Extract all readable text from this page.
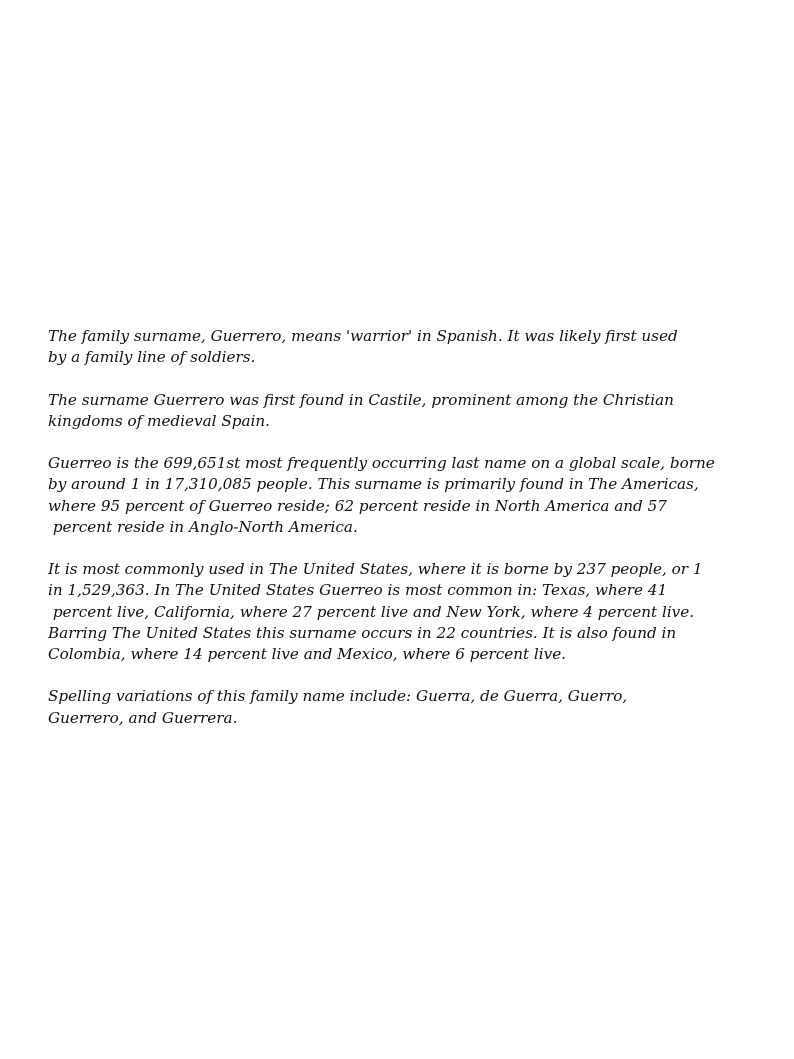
The family surname, Guerrero, means 'warrior' in Spanish. It was likely first used
by a family line of soldiers.

The surname Guerrero was first found in Castile, prominent among the Christian
kingdoms of medieval Spain.

Guerreo is the 699,651st most frequently occurring last name on a global scale, borne
by around 1 in 17,310,085 people. This surname is primarily found in The Americas,
where 95 percent of Guerreo reside; 62 percent reside in North America and 57
percent reside in Anglo-North America.

It is most commonly used in The United States, where it is borne by 237 people, or 1
in 1,529,363. In The United States Guerreo is most common in: Texas, where 41
percent live, California, where 27 percent live and New York, where 4 percent live.
Barring The United States this surname occurs in 22 countries. It is also found in
Colombia, where 14 percent live and Mexico, where 6 percent live.

Spelling variations of this family name include: Guerra, de Guerra, Guerro,
Guerrero, and Guerrera.
